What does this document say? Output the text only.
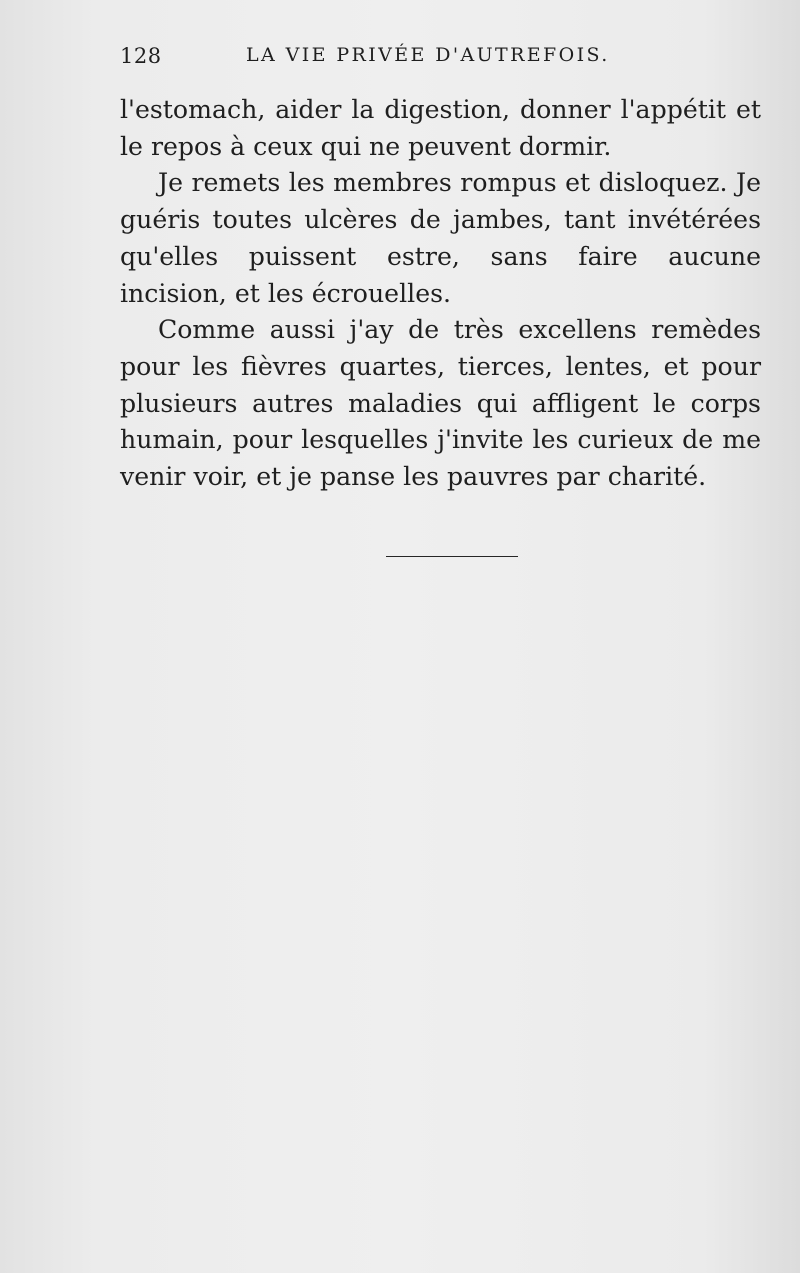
128	LA VIE PRIVÉE D'AUTREFOIS.

l'estomach, aider la digestion, donner l'appétit et le repos à ceux qui ne peuvent dormir.

Je remets les membres rompus et disloquez. Je guéris toutes ulcères de jambes, tant invétérées qu'elles puissent estre, sans faire aucune incision, et les écrouelles.

Comme aussi j'ay de très excellens remèdes pour les fièvres quartes, tierces, lentes, et pour plusieurs autres maladies qui affligent le corps humain, pour lesquelles j'invite les curieux de me venir voir, et je panse les pauvres par charité.
